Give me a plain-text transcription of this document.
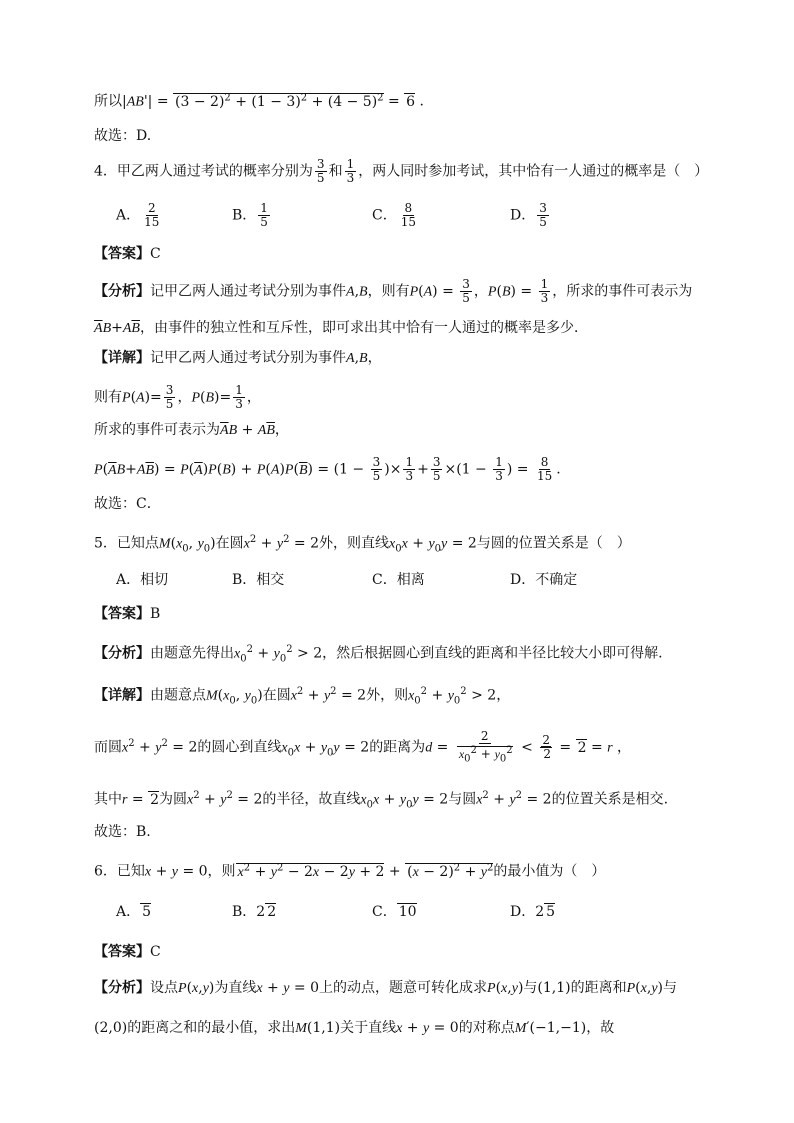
所以$|AB'| = (3 - 2)^2 + (1 - 3)^2 + (4 - 5)^2 = 6$ .
故选：D.
4．甲乙两人通过考试的概率分别为 $\frac{3}{5}$ 和 $\frac{1}{3}$ ，两人同时参加考试，其中恰有一人通过的概率是（　）
A． $\frac{2}{15}$	B． $\frac{1}{5}$	C． $\frac{8}{15}$	D． $\frac{3}{5}$
【答案】C
【分析】记甲乙两人通过考试分别为事件A,B，则有$P(A) = \frac{3}{5}$ ，$P(B) = \frac{1}{3}$ ，所求的事件可表示为
$\overline{A}B+A\overline{B}$，由事件的独立性和互斥性，即可求出其中恰有一人通过的概率是多少．
【详解】记甲乙两人通过考试分别为事件A,B，
则有$P(A)= \frac{3}{5}$ ，$P(B)= \frac{1}{3}$ ，
所求的事件可表示为$\overline{A}B + A\overline{B}$，
$P(\overline{A}B+A\overline{B}) = P(\overline{A})P(B) + P(A)P(\overline{B}) = (1 - \frac{3}{5}$ )× $\frac{1}{3} + \frac{3}{5} \times(1 - \frac{1}{3}$ ) = $\frac{8}{15}$ .
故选：C．
5．已知点$M(x_0$, $y_0$)在圆$x^2 + y^2 = 2$外，则直线$x_0x + y_0y = 2$与圆的位置关系是（　）
A．相切	B．相交	C．相离	D．不确定
【答案】B
【分析】由题意先得出$x_0^2 + y_0^2 > 2$，然后根据圆心到直线的距离和半径比较大小即可得解.
【详解】由题意点$M(x_0$, $y_0$)在圆$x^2 + y^2 = 2$外，则$x_0^2 + y_0^2 > 2$，
而圆$x^2 + y^2 = 2$的圆心到直线$x_0x + y_0y = 2$的距离为$d = \frac{2}{x_0^2 + y_0^2} < \frac{2}{2} = 2 = r$ ，
其中r = 2为圆$x^2 + y^2 = 2$的半径，故直线$x_0x + y_0y = 2$与圆$x^2 + y^2 = 2$的位置关系是相交.
故选：B.
6．已知x + y = 0，则 $x^2 + y^2 - 2x - 2y + 2 + (x - 2)^2 + y^2$的最小值为（　）
A． 5	B．2 2	C． 10	D．2 5
【答案】C
【分析】设点P(x,y)为直线x + y = 0上的动点，题意可转化成求P(x,y)与(1,1)的距离和P(x,y)与
(2,0)的距离之和的最小值，求出M(1,1)关于直线x + y = 0的对称点M′(−1,−1)，故
